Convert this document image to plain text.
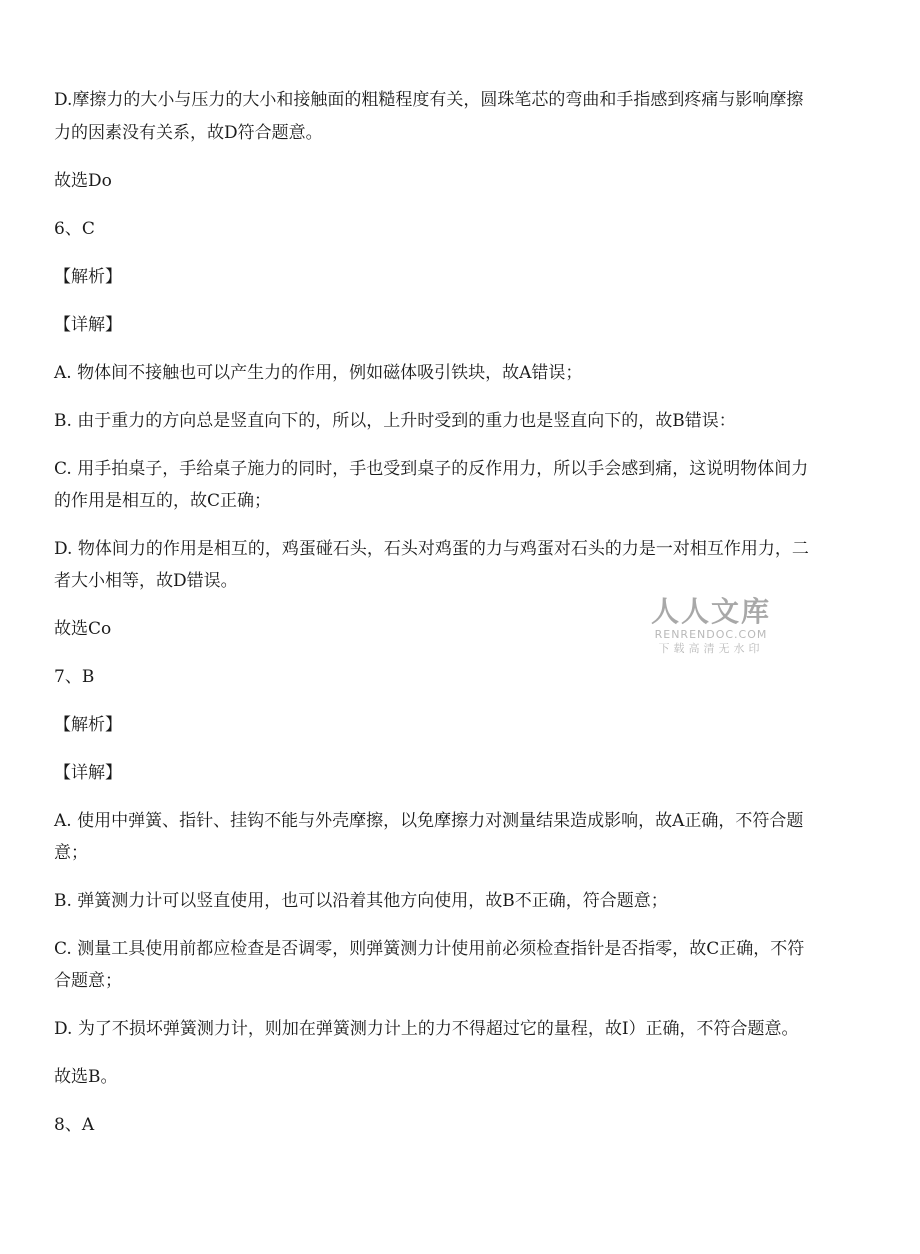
D.摩擦力的大小与压力的大小和接触面的粗糙程度有关，圆珠笔芯的弯曲和手指感到疼痛与影响摩擦
力的因素没有关系，故D符合题意。
故选Do
6、C
【解析】
【详解】
A. 物体间不接触也可以产生力的作用，例如磁体吸引铁块，故A错误；
B. 由于重力的方向总是竖直向下的，所以，上升时受到的重力也是竖直向下的，故B错误：
C. 用手拍桌子，手给桌子施力的同时，手也受到桌子的反作用力，所以手会感到痛，这说明物体间力
的作用是相互的，故C正确；
D. 物体间力的作用是相互的，鸡蛋碰石头，石头对鸡蛋的力与鸡蛋对石头的力是一对相互作用力，二
者大小相等，故D错误。
故选Co
7、B
【解析】
【详解】
A. 使用中弹簧、指针、挂钩不能与外壳摩擦，以免摩擦力对测量结果造成影响，故A正确，不符合题
意；
B. 弹簧测力计可以竖直使用，也可以沿着其他方向使用，故B不正确，符合题意；
C. 测量工具使用前都应检查是否调零，则弹簧测力计使用前必须检查指针是否指零，故C正确，不符
合题意；
D. 为了不损坏弹簧测力计，则加在弹簧测力计上的力不得超过它的量程，故I）正确，不符合题意。
故选B。
8、A
人人文库
RENRENDOC.COM
下载高清无水印
